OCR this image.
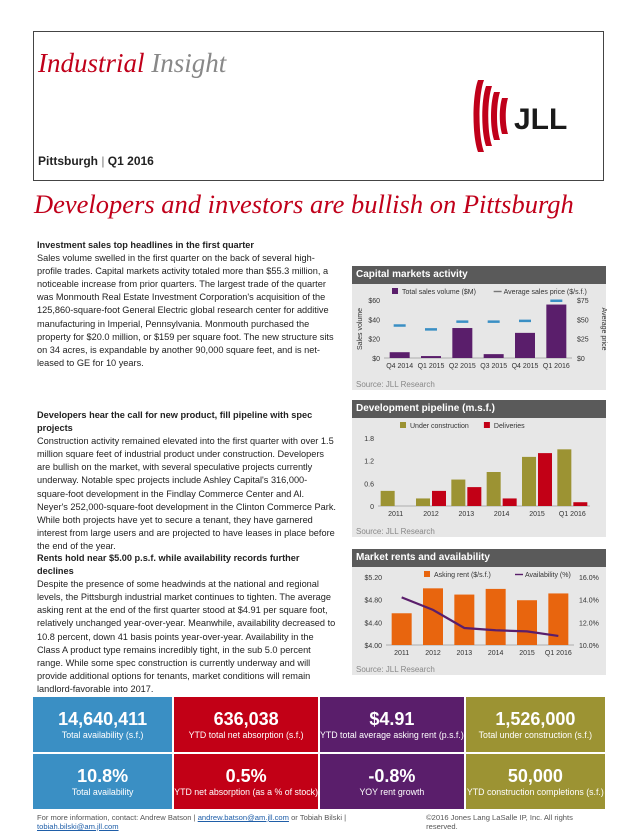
Industrial Insight
Pittsburgh | Q1 2016
JLL
Developers and investors are bullish on Pittsburgh
Investment sales top headlines in the first quarter
Sales volume swelled in the first quarter on the back of several high-profile trades. Capital markets activity totaled more than $55.3 million, a noticeable increase from prior quarters. The largest trade of the quarter was Monmouth Real Estate Investment Corporation's acquisition of the 125,860-square-foot General Electric global research center for additive manufacturing in Imperial, Pennsylvania. Monmouth purchased the property for $20.0 million, or $159 per square foot. The new structure sits on 34 acres, is expandable by another 90,000 square feet, and is net-leased to GE for 10 years.
Developers hear the call for new product, fill pipeline with spec projects
Construction activity remained elevated into the first quarter with over 1.5 million square feet of industrial product under construction. Developers are bullish on the market, with several speculative projects currently underway. Notable spec projects include Ashley Capital's 316,000-square-foot development in the Findlay Commerce Center and Al. Neyer's 252,000-square-foot development in the Clinton Commerce Park. While both projects have yet to secure a tenant, they have garnered interest from large users and are projected to have leases in place before the end of the year.
Rents hold near $5.00 p.s.f. while availability records further declines
Despite the presence of some headwinds at the national and regional levels, the Pittsburgh industrial market continues to tighten. The average asking rent at the end of the first quarter stood at $4.91 per square foot, relatively unchanged year-over-year. Meanwhile, availability decreased to 10.8 percent, down 41 basis points year-over-year. Availability in the Class A product type remains incredibly tight, in the sub 5.0 percent range. While some spec construction is currently underway and will provide additional options for tenants, market conditions will remain landlord-favorable into 2017.
Capital markets activity
$0
$20
$40
$60
$0
$25
$50
$75
Sales volume	Average price
Q4 2014 Q1 2015 Q2 2015 Q3 2015 Q4 2015 Q1 2016
Total sales volume ($M)	Average sales price ($/s.f.)
Source: JLL Research
Development pipeline (m.s.f.)
0
0.6
1.2
1.8
2011	2012	2013	2014	2015 Q1 2016
Under construction	Deliveries
Source: JLL Research
Market rents and availability
$4.00
$4.40
$4.80
$5.20
10.0%
12.0%
14.0%
16.0%
2011 2012 2013 2014 2015 Q1 2016
Asking rent ($/s.f.)	Availability (%)
Source: JLL Research
14,640,411
Total availability (s.f.)
636,038
YTD total net absorption (s.f.)
$4.91
YTD total average asking rent (p.s.f.)
1,526,000
Total under construction (s.f.)
10.8%
Total availability
0.5%
YTD net absorption (as a % of stock)
-0.8%
YOY rent growth
50,000
YTD construction completions (s.f.)
For more information, contact: Andrew Batson | andrew.batson@am.jll.com or Tobiah Bilski | tobiah.bilski@am.jll.com
©2016 Jones Lang LaSalle IP, Inc. All rights reserved.
